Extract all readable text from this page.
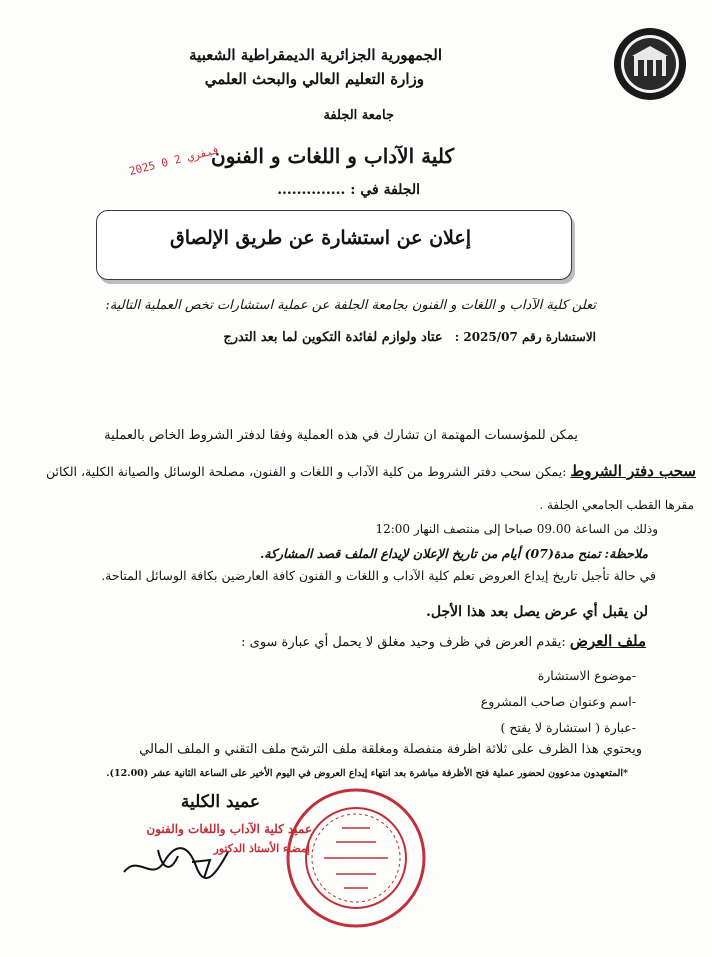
الجمهورية الجزائرية الديمقراطية الشعبية
وزارة التعليم العالي والبحث العلمي
جامعة الجلفة
كلية الآداب و اللغات و الفنون
2025 فيفري 2 0
الجلفة في : ..............
إعلان عن استشارة عن طريق الإلصاق
تعلن كلية الآداب و اللغات و الفنون بجامعة الجلفة عن عملية استشارات تخص العملية التالية:
الاستشارة رقم 2025/07 : عتاد ولوازم لفائدة التكوين لما بعد التدرج
يمكن للمؤسسات المهتمة ان تشارك في هذه العملية وفقا لدفتر الشروط الخاص بالعملية
سحب دفتر الشروط :يمكن سحب دفتر الشروط من كلية الآداب و اللغات و الفنون، مصلحة الوسائل والصيانة الكلية، الكائن
مقرها القطب الجامعي الجلفة .
وذلك من الساعة 09.00 صباحا إلى منتصف النهار 12:00
ملاحظة: تمنح مدة(07) أيام من تاريخ الإعلان لإيداع الملف قصد المشاركة.
في حالة تأجيل تاريخ إيداع العروض تعلم كلية الآداب و اللغات و الفنون كافة العارضين بكافة الوسائل المتاحة.
لن يقبل أي عرض يصل بعد هذا الأجل.
ملف العرض :يقدم العرض في ظرف وحيد مغلق لا يحمل أي عبارة سوى :
-موضوع الاستشارة
-اسم وعنوان صاحب المشروع
-عبارة ( استشارة لا يفتح )
ويحتوي هذا الظرف على ثلاثة اظرفة منفصلة ومغلقة ملف الترشح ملف التقني و الملف المالي
*المتعهدون مدعوون لحضور عملية فتح الأظرفة مباشرة بعد انتهاء إيداع العروض في اليوم الأخير على الساعة الثانية عشر (12.00).
عميد الكلية
عميد كلية الآداب واللغات والفنون
إمضاء الأستاذ الدكتور
